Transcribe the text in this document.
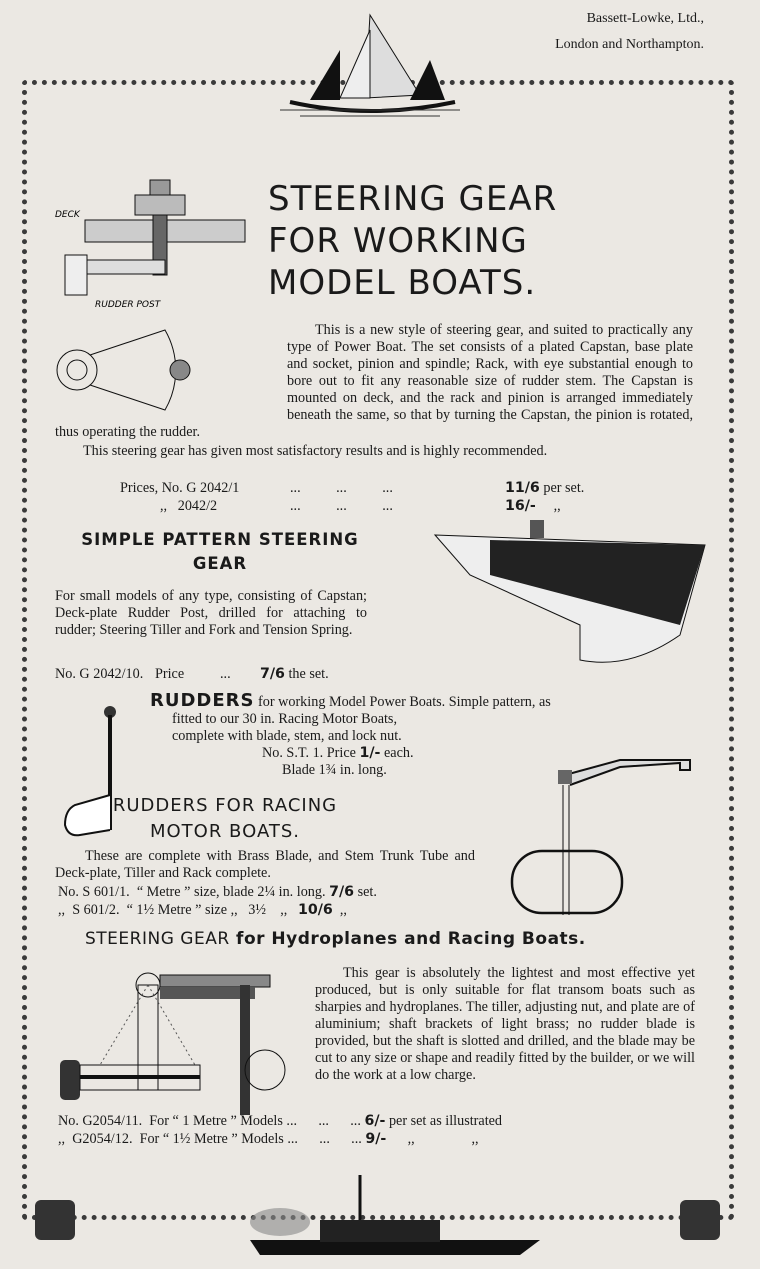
Bassett-Lowke, Ltd.,
London and Northampton.
DECK
RUDDER POST
STEERING GEAR
FOR WORKING
MODEL BOATS.

This is a new style of steering gear, and suited to practically any type of Power Boat. The set consists of a plated Capstan, base plate and socket, pinion and spindle; Rack, with eye substantial enough to bore out to fit any reasonable size of rudder stem. The Capstan is mounted on deck, and the rack and pinion is arranged immediately beneath the same, so that by turning the Capstan, the pinion is rotated, thus operating the rudder.

This steering gear has given most satisfactory results and is highly recommended.

Prices, No. G 2042/1	...          ...          ...	11/6 per set.
,,   2042/2	...          ...          ...	16/- ,,
SIMPLE PATTERN STEERING
GEAR
For small models of any type, consisting of Capstan; Deck-plate Rudder Post, drilled for attaching to rudder; Steering Tiller and Fork and Tension Spring.
No. G 2042/10. Price	...	7/6 the set.
RUDDERS for working Model Power Boats. Simple pattern, as
fitted to our 30 in. Racing Motor Boats,
complete with blade, stem, and lock nut.
No. S.T. 1. Price 1/- each.
Blade 1¾ in. long.
RUDDERS FOR RACING
MOTOR BOATS.
These are complete with Brass Blade, and Stem Trunk Tube and Deck-plate, Tiller and Rack complete.
No. S 601/1.  “ Metre ” size, blade 2¼ in. long. 7/6 set.
,,  S 601/2.  “ 1½ Metre ” size ,,   3½    ,, 10/6 ,,
STEERING GEAR for Hydroplanes and Racing Boats.
This gear is absolutely the lightest and most effective yet produced, but is only suitable for flat transom boats such as sharpies and hydroplanes. The tiller, adjusting nut, and plate are of aluminium; shaft brackets of light brass; no rudder blade is provided, but the shaft is slotted and drilled, and the blade may be cut to any size or shape and readily fitted by the builder, or we will do the work at a low charge.
No. G2054/11.  For “ 1 Metre ” Models ...      ...      ... 6/- per set as illustrated
,,  G2054/12.  For “ 1½ Metre ” Models ...      ...      ... 9/- ,,                ,,
